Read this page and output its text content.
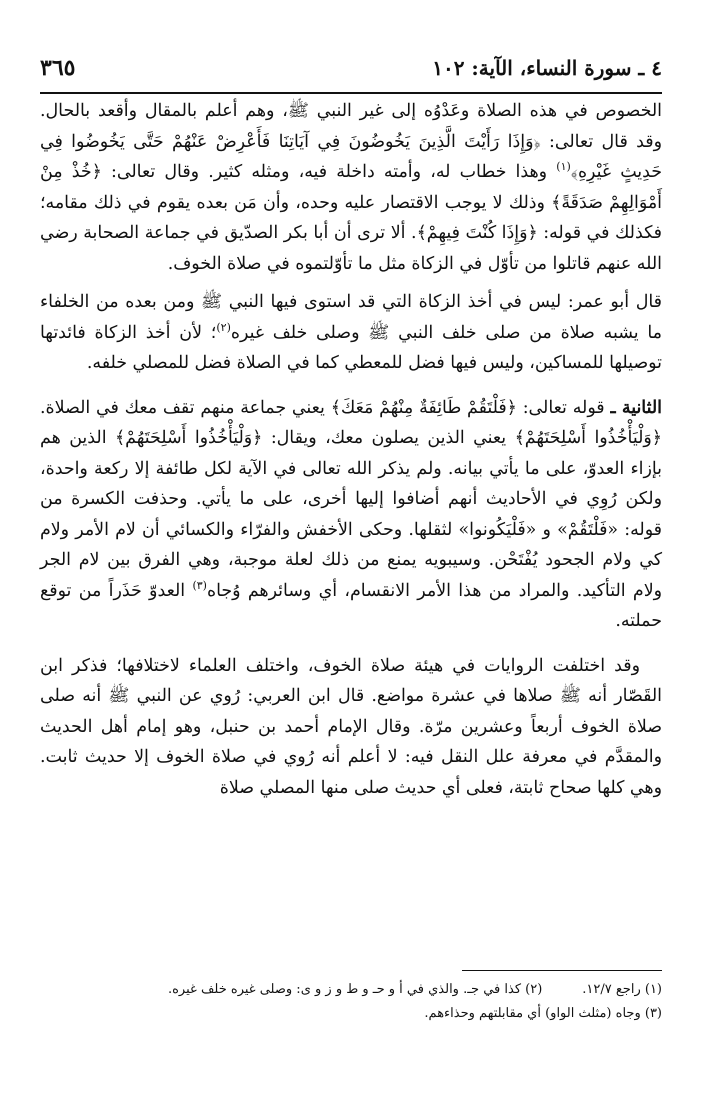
٤ ـ سورة النساء، الآية: ١٠٢
٣٦٥

الخصوص في هذه الصلاة وعَدْوُه إلى غير النبي ﷺ، وهم أعلم بالمقال وأقعد بالحال. وقد قال تعالى: ﴿وَإِذَا رَأَيْتَ الَّذِينَ يَخُوضُونَ فِي آيَاتِنَا فَأَعْرِضْ عَنْهُمْ حَتَّى يَخُوضُوا فِي حَدِيثٍ غَيْرِهِ﴾$^{(١)}$ وهذا خطاب له، وأمته داخلة فيه، ومثله كثير. وقال تعالى: ﴿خُذْ مِنْ أَمْوَالِهِمْ صَدَقَةً﴾ وذلك لا يوجب الاقتصار عليه وحده، وأن مَن بعده يقوم في ذلك مقامه؛ فكذلك في قوله: ﴿وَإِذَا كُنْتَ فِيهِمْ﴾. ألا ترى أن أبا بكر الصدّيق في جماعة الصحابة رضي الله عنهم قاتلوا من تأوّل في الزكاة مثل ما تأوّلتموه في صلاة الخوف.

قال أبو عمر: ليس في أخذ الزكاة التي قد استوى فيها النبي ﷺ ومن بعده من الخلفاء ما يشبه صلاة من صلى خلف النبي ﷺ وصلى خلف غيره$^{(٢)}$؛ لأن أخذ الزكاة فائدتها توصيلها للمساكين، وليس فيها فضل للمعطي كما في الصلاة فضل للمصلي خلفه.

الثانية ـ قوله تعالى: ﴿فَلْتَقُمْ طَائِفَةٌ مِنْهُمْ مَعَكَ﴾ يعني جماعة منهم تقف معك في الصلاة. ﴿وَلْيَأْخُذُوا أَسْلِحَتَهُمْ﴾ يعني الذين يصلون معك، ويقال: ﴿وَلْيَأْخُذُوا أَسْلِحَتَهُمْ﴾ الذين هم بإزاء العدوّ، على ما يأتي بيانه. ولم يذكر الله تعالى في الآية لكل طائفة إلا ركعة واحدة، ولكن رُوِي في الأحاديث أنهم أضافوا إليها أخرى، على ما يأتي. وحذفت الكسرة من قوله: «فَلْتَقُمْ» و «فَلْيَكُونوا» لثقلها. وحكى الأخفش والفرّاء والكسائي أن لام الأمر ولام كي ولام الجحود يُفْتَحْن. وسيبويه يمنع من ذلك لعلة موجبة، وهي الفرق بين لام الجر ولام التأكيد. والمراد من هذا الأمر الانقسام، أي وسائرهم وُجاه$^{(٣)}$ العدوّ حَذَراً من توقع حملته.

وقد اختلفت الروايات في هيئة صلاة الخوف، واختلف العلماء لاختلافها؛ فذكر ابن القَصّار أنه ﷺ صلاها في عشرة مواضع. قال ابن العربي: رُوي عن النبي ﷺ أنه صلى صلاة الخوف أربعاً وعشرين مرّة. وقال الإمام أحمد بن حنبل، وهو إمام أهل الحديث والمقدَّم في معرفة علل النقل فيه: لا أعلم أنه رُوي في صلاة الخوف إلا حديث ثابت. وهي كلها صحاح ثابتة، فعلى أي حديث صلى منها المصلي صلاة

(١) راجع ١٢/٧.
(٢) كذا في جـ. والذي في أ و حـ و ط و ز و ى: وصلى غيره خلف غيره.
(٣) وجاه (مثلث الواو) أي مقابلتهم وحذاءهم.
